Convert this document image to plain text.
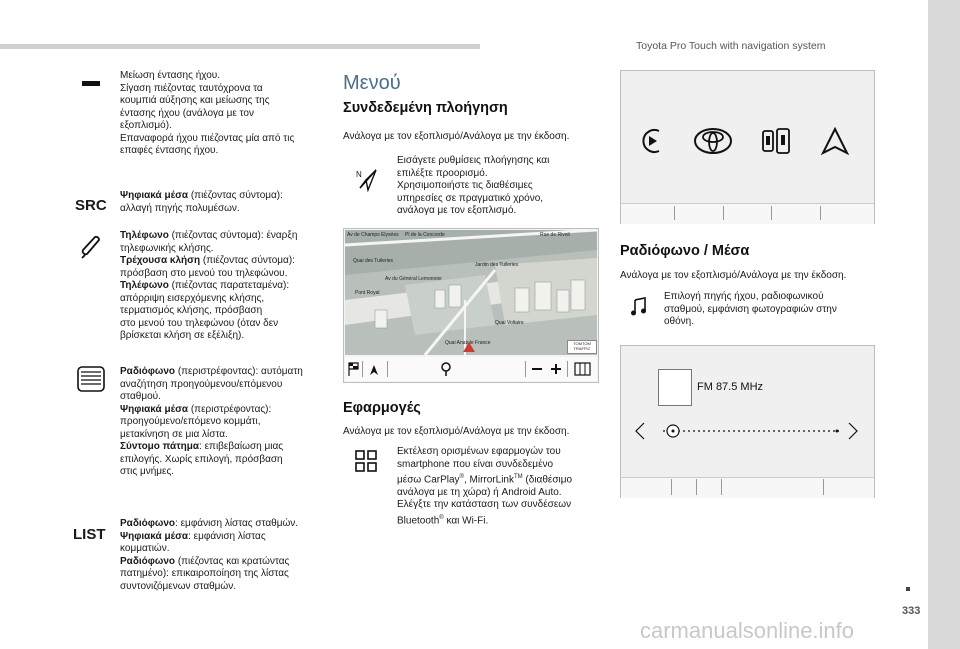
Toyota Pro Touch with navigation system
333
carmanualsonline.info

Μείωση έντασης ήχου.

Σίγαση πιέζοντας ταυτόχρονα τα

κουμπιά αύξησης και μείωσης της

έντασης ήχου (ανάλογα με τον

εξοπλισμό).

Επαναφορά ήχου πιέζοντας μία από τις

επαφές έντασης ήχου.

SRC

Ψηφιακά μέσα (πιέζοντας σύντομα):

αλλαγή πηγής πολυμέσων.

Τηλέφωνο (πιέζοντας σύντομα): έναρξη

τηλεφωνικής κλήσης.

Τρέχουσα κλήση (πιέζοντας σύντομα):

πρόσβαση στο μενού του τηλεφώνου.

Τηλέφωνο (πιέζοντας παρατεταμένα):

απόρριψη εισερχόμενης κλήσης,

τερματισμός κλήσης, πρόσβαση

στο μενού του τηλεφώνου (όταν δεν

βρίσκεται κλήση σε εξέλιξη).

Ραδιόφωνο (περιστρέφοντας): αυτόματη

αναζήτηση προηγούμενου/επόμενου

σταθμού.

Ψηφιακά μέσα (περιστρέφοντας):

προηγούμενο/επόμενο κομμάτι,

μετακίνηση σε μια λίστα.

Σύντομο πάτημα: επιβεβαίωση μιας

επιλογής. Χωρίς επιλογή, πρόσβαση

στις μνήμες.

LIST

Ραδιόφωνο: εμφάνιση λίστας σταθμών.

Ψηφιακά μέσα: εμφάνιση λίστας

κομματιών.

Ραδιόφωνο (πιέζοντας και κρατώντας

πατημένο): επικαιροποίηση της λίστας

συντονιζόμενων σταθμών.

Μενού
Συνδεδεμένη πλοήγηση
Ανάλογα με τον εξοπλισμό/Ανάλογα με την έκδοση.
N

Εισάγετε ρυθμίσεις πλοήγησης και

επιλέξτε προορισμό.

Χρησιμοποιήστε τις διαθέσιμες

υπηρεσίες σε πραγματικό χρόνο,

ανάλογα με τον εξοπλισμό.

Av de Champs Elysées Pl de la Concorde	Rue de Rivoli
Quai des Tuileries
Jardin des Tuileries
Av du Général Lemonnier
Pont Royal
Quai Voltaire
Quai Anatole France	TOMTOM TRAFFIC
Εφαρμογές
Ανάλογα με τον εξοπλισμό/Ανάλογα με την έκδοση.

Εκτέλεση ορισμένων εφαρμογών του

smartphone που είναι συνδεδεμένο

μέσω CarPlay®, MirrorLink™ (διαθέσιμο

ανάλογα με τη χώρα) ή Android Auto.

Ελέγξτε την κατάσταση των συνδέσεων

Bluetooth® και Wi-Fi.

Ραδιόφωνο / Μέσα
Ανάλογα με τον εξοπλισμό/Ανάλογα με την έκδοση.

Επιλογή πηγής ήχου, ραδιοφωνικού

σταθμού, εμφάνιση φωτογραφιών στην

οθόνη.

FM 87.5 MHz
